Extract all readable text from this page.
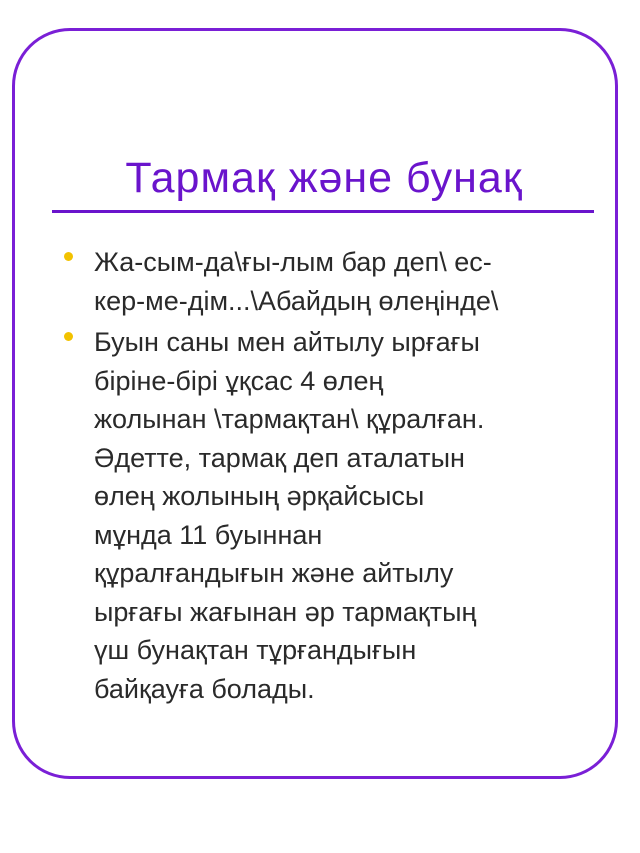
Тармақ және бунақ
Жа-сым-да\ғы-лым бар деп\ ес-
кер-ме-дім...\Абайдың өлеңінде\
Буын саны мен айтылу ырғағы
біріне-бірі ұқсас 4 өлең
жолынан \тармақтан\ құралған.
Әдетте, тармақ деп аталатын
өлең жолының әрқайсысы
мұнда 11 буыннан
құралғандығын және айтылу
ырғағы жағынан әр тармақтың
үш бунақтан тұрғандығын
байқауға болады.
